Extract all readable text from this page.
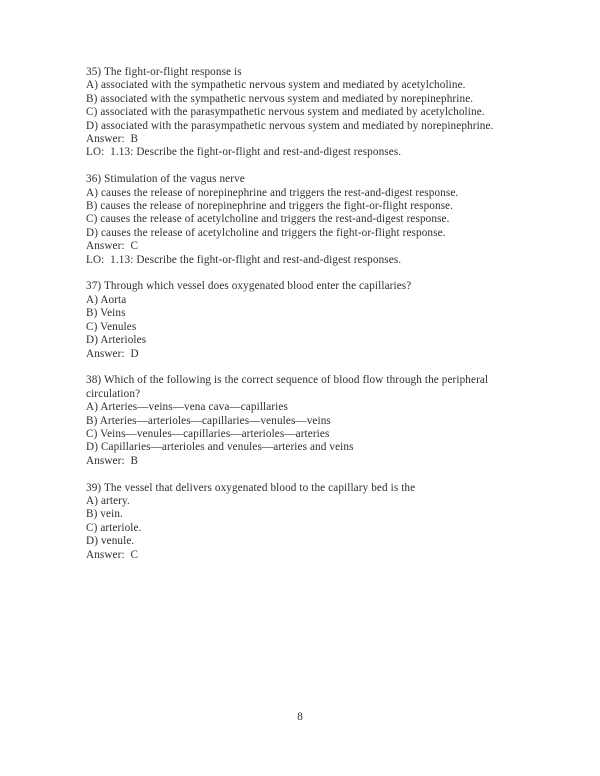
35) The fight-or-flight response is
A) associated with the sympathetic nervous system and mediated by acetylcholine.
B) associated with the sympathetic nervous system and mediated by norepinephrine.
C) associated with the parasympathetic nervous system and mediated by acetylcholine.
D) associated with the parasympathetic nervous system and mediated by norepinephrine.
Answer:  B
LO:  1.13: Describe the fight-or-flight and rest-and-digest responses.
36) Stimulation of the vagus nerve
A) causes the release of norepinephrine and triggers the rest-and-digest response.
B) causes the release of norepinephrine and triggers the fight-or-flight response.
C) causes the release of acetylcholine and triggers the rest-and-digest response.
D) causes the release of acetylcholine and triggers the fight-or-flight response.
Answer:  C
LO:  1.13: Describe the fight-or-flight and rest-and-digest responses.
37) Through which vessel does oxygenated blood enter the capillaries?
A) Aorta
B) Veins
C) Venules
D) Arterioles
Answer:  D
38) Which of the following is the correct sequence of blood flow through the peripheral circulation?
A) Arteries—veins—vena cava—capillaries
B) Arteries—arterioles—capillaries—venules—veins
C) Veins—venules—capillaries—arterioles—arteries
D) Capillaries—arterioles and venules—arteries and veins
Answer:  B
39) The vessel that delivers oxygenated blood to the capillary bed is the
A) artery.
B) vein.
C) arteriole.
D) venule.
Answer:  C
8
